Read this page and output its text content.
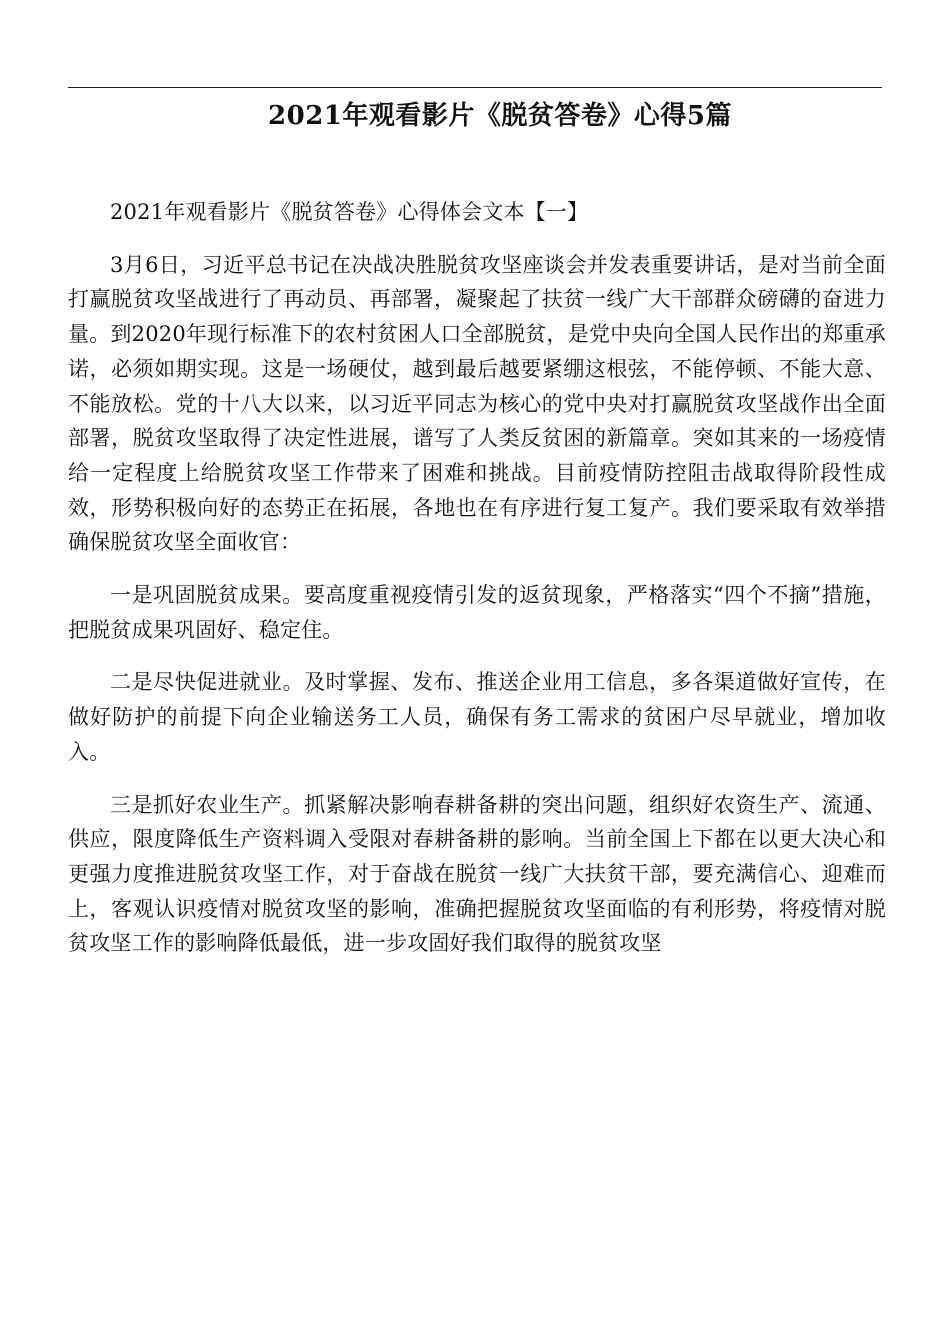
2021年观看影片《脱贫答卷》心得5篇

2021年观看影片《脱贫答卷》心得体会文本【一】

3月6日，习近平总书记在决战决胜脱贫攻坚座谈会并发表重要讲话，是对当前全面打赢脱贫攻坚战进行了再动员、再部署，凝聚起了扶贫一线广大干部群众磅礴的奋进力量。到2020年现行标准下的农村贫困人口全部脱贫，是党中央向全国人民作出的郑重承诺，必须如期实现。这是一场硬仗，越到最后越要紧绷这根弦，不能停顿、不能大意、不能放松。党的十八大以来，以习近平同志为核心的党中央对打赢脱贫攻坚战作出全面部署，脱贫攻坚取得了决定性进展，谱写了人类反贫困的新篇章。突如其来的一场疫情给一定程度上给脱贫攻坚工作带来了困难和挑战。目前疫情防控阻击战取得阶段性成效，形势积极向好的态势正在拓展，各地也在有序进行复工复产。我们要采取有效举措确保脱贫攻坚全面收官：

一是巩固脱贫成果。要高度重视疫情引发的返贫现象，严格落实“四个不摘”措施，把脱贫成果巩固好、稳定住。

二是尽快促进就业。及时掌握、发布、推送企业用工信息，多各渠道做好宣传，在做好防护的前提下向企业输送务工人员，确保有务工需求的贫困户尽早就业，增加收入。

三是抓好农业生产。抓紧解决影响春耕备耕的突出问题，组织好农资生产、流通、供应，限度降低生产资料调入受限对春耕备耕的影响。当前全国上下都在以更大决心和更强力度推进脱贫攻坚工作，对于奋战在脱贫一线广大扶贫干部，要充满信心、迎难而上，客观认识疫情对脱贫攻坚的影响，准确把握脱贫攻坚面临的有利形势，将疫情对脱贫攻坚工作的影响降低最低，进一步攻固好我们取得的脱贫攻坚
